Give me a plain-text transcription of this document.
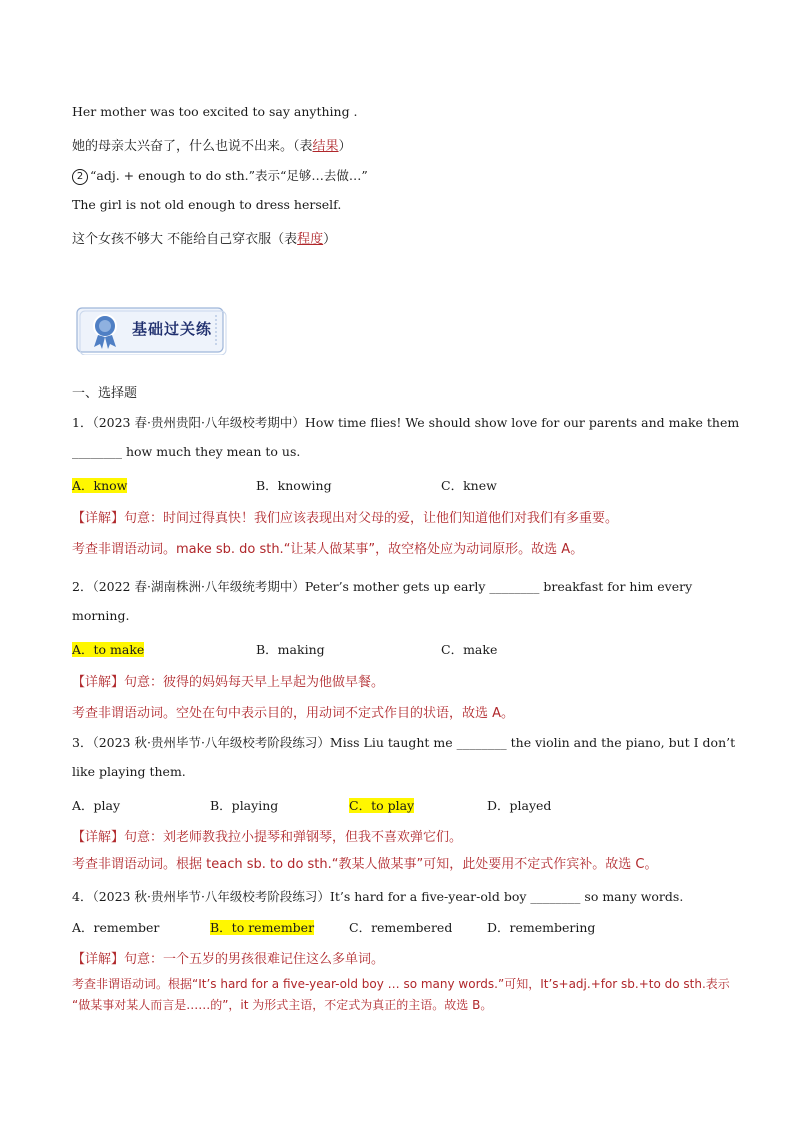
Her mother was too excited to say anything .
她的母亲太兴奋了，什么也说不出来。（表结果）
2 “adj. + enough to do sth.”表示“足够…去做…”
The girl is not old enough to dress herself.
这个女孩不够大 不能给自己穿衣服（表程度）
基础过关练
一、选择题
1．（2023 春·贵州贵阳·八年级校考期中）How time flies! We should show love for our parents and make them
________ how much they mean to us.
A．know	B．knowing	C．knew
【详解】句意：时间过得真快！我们应该表现出对父母的爱，让他们知道他们对我们有多重要。
考查非谓语动词。make sb. do sth.“让某人做某事”，故空格处应为动词原形。故选 A。
2．（2022 春·湖南株洲·八年级统考期中）Peter’s mother gets up early ________ breakfast for him every
morning.
A．to make	B．making	C．make
【详解】句意：彼得的妈妈每天早上早起为他做早餐。
考查非谓语动词。空处在句中表示目的，用动词不定式作目的状语，故选 A。
3．（2023 秋·贵州毕节·八年级校考阶段练习）Miss Liu taught me ________ the violin and the piano, but I don’t
like playing them.
A．play	B．playing	C．to play	D．played
【详解】句意：刘老师教我拉小提琴和弹钢琴，但我不喜欢弹它们。
考查非谓语动词。根据 teach sb. to do sth.“教某人做某事”可知，此处要用不定式作宾补。故选 C。
4．（2023 秋·贵州毕节·八年级校考阶段练习）It’s hard for a five-year-old boy ________ so many words.
A．remember	B．to remember	C．remembered	D．remembering
【详解】句意：一个五岁的男孩很难记住这么多单词。
考查非谓语动词。根据“It’s hard for a five-year-old boy … so many words.”可知，It’s+adj.+for sb.+to do sth.表示
“做某事对某人而言是……的”，it 为形式主语，不定式为真正的主语。故选 B。
